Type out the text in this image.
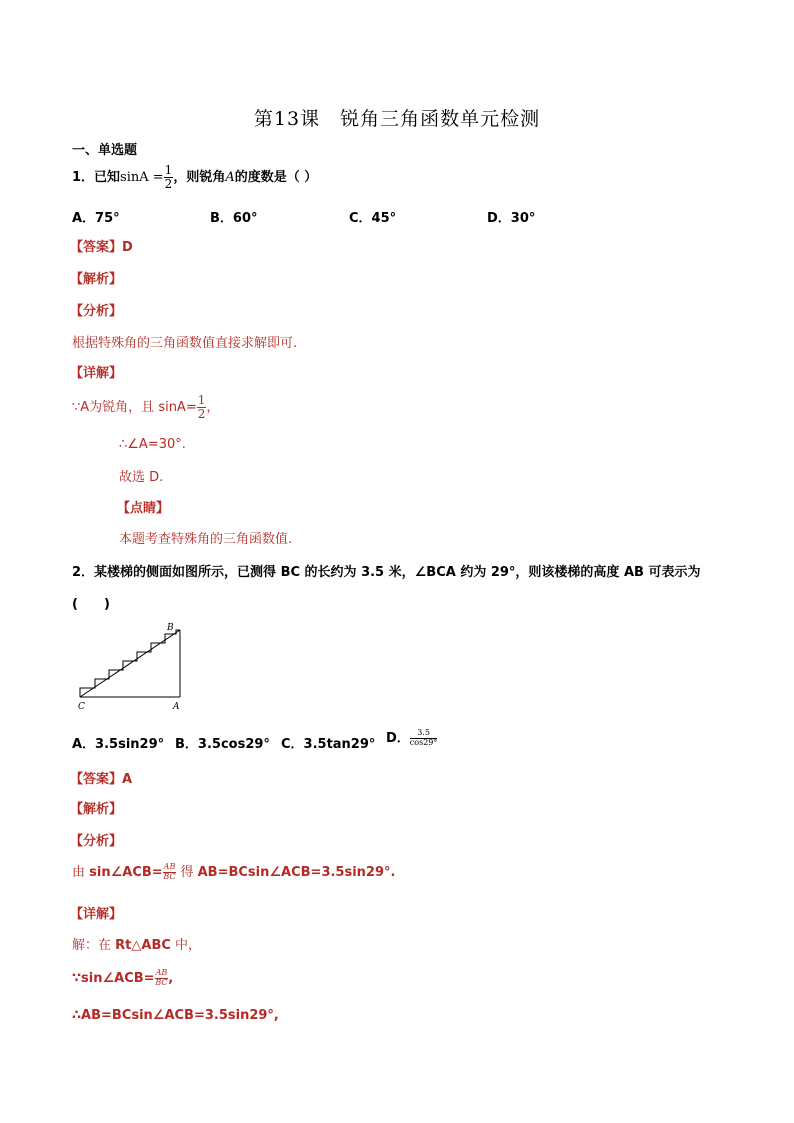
第13课　锐角三角函数单元检测
一、单选题
1．已知$\sin A = \frac{1}{2}$ ，则锐角A的度数是（ ）
A．75°	B．60°	C．45°	D．30°
【答案】D
【解析】
【分析】
根据特殊角的三角函数值直接求解即可.
【详解】
∵A为锐角，且 $\sin A= \frac{1}{2}$ ，
∴∠A=30°.
故选 D.
【点睛】
本题考查特殊角的三角函数值.
2．某楼梯的侧面如图所示，已测得 BC 的长约为 3.5 米，∠BCA 约为 29°，则该楼梯的高度 AB 可表示为
(　　)
B
C	A
A．3.5sin29° B．3.5cos29° C．3.5tan29° D． $\frac{3.5}{\cos 29^\circ}$
【答案】A
【解析】
【分析】
由 sin∠ACB= $\frac{AB}{BC}$ 得 AB=BCsin∠ACB=3.5sin29°.
【详解】
解：在 Rt△ABC 中，
∵sin∠ACB= $\frac{AB}{BC}$ ,
∴AB=BCsin∠ACB=3.5sin29°,
